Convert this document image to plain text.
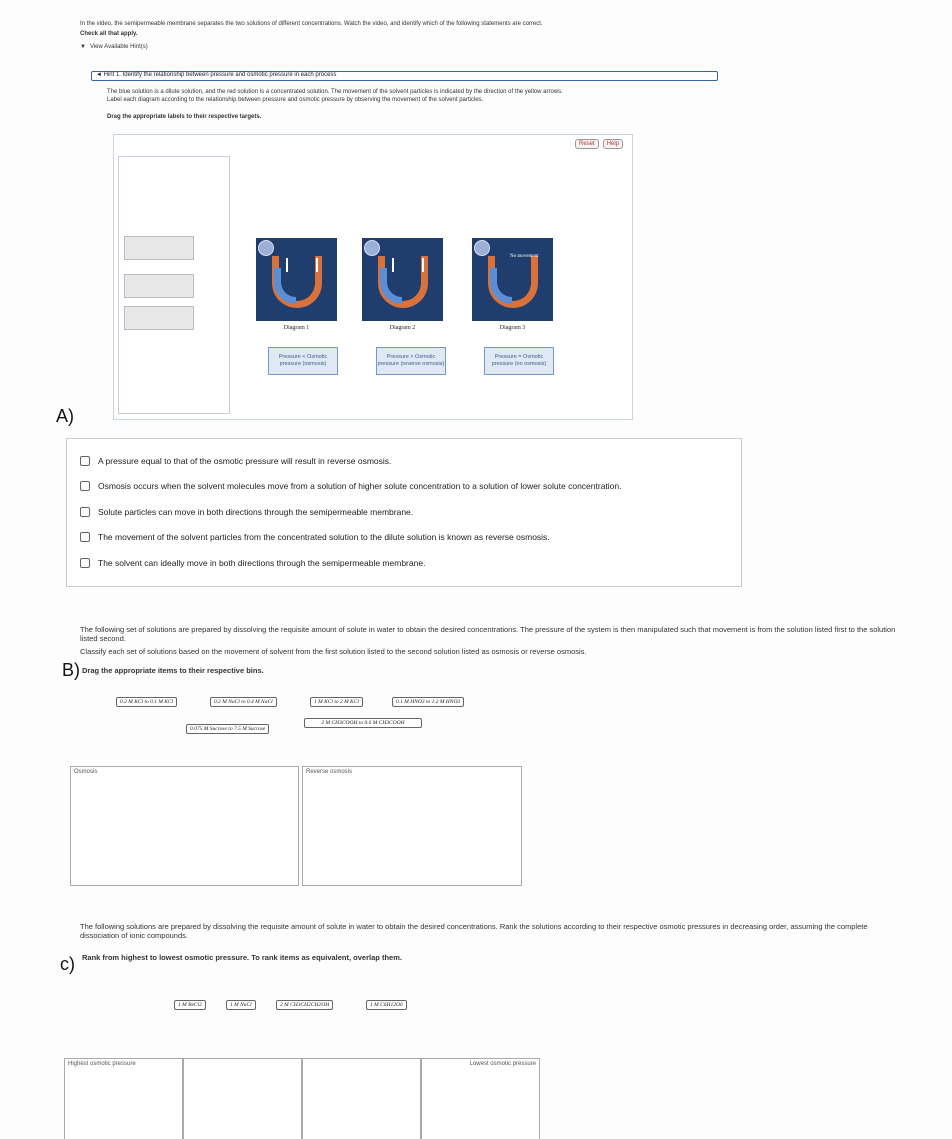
In the video, the semipermeable membrane separates the two solutions of different concentrations. Watch the video, and identify which of the following statements are correct.
Check all that apply.
▼ View Available Hint(s)
◄ Hint 1. Identify the relationship between pressure and osmotic pressure in each process
The blue solution is a dilute solution, and the red solution is a concentrated solution. The movement of the solvent particles is indicated by the direction of the yellow arrows.
Label each diagram according to the relationship between pressure and osmotic pressure by observing the movement of the solvent particles.
Drag the appropriate labels to their respective targets.
Reset	Help
Diagram 1
Pressure < Osmotic pressure (osmosis)
Diagram 2
Pressure > Osmotic pressure (reverse osmosis)
No movement
Diagram 3
Pressure = Osmotic pressure (no osmosis)
A)
A pressure equal to that of the osmotic pressure will result in reverse osmosis.
Osmosis occurs when the solvent molecules move from a solution of higher solute concentration to a solution of lower solute concentration.
Solute particles can move in both directions through the semipermeable membrane.
The movement of the solvent particles from the concentrated solution to the dilute solution is known as reverse osmosis.
The solvent can ideally move in both directions through the semipermeable membrane.
The following set of solutions are prepared by dissolving the requisite amount of solute in water to obtain the desired concentrations. The pressure of the system is then manipulated such that movement is from the solution listed first to the solution listed second.
Classify each set of solutions based on the movement of solvent from the first solution listed to the second solution listed as osmosis or reverse osmosis.
B) Drag the appropriate items to their respective bins.
0.2 M KCl to 0.1 M KCl	0.2 M NaCl to 0.4 M NaCl	1 M KCl to 2 M KCl	0.1 M HNO3 to 1.2 M HNO3
0.075 M Sucrose to 7.5 M Sucrose
2 M CH3COOH to 0.6 M CH3COOH
Osmosis	Reverse osmosis
The following solutions are prepared by dissolving the requisite amount of solute in water to obtain the desired concentrations. Rank the solutions according to their respective osmotic pressures in decreasing order, assuming the complete dissociation of ionic compounds.
c) Rank from highest to lowest osmotic pressure. To rank items as equivalent, overlap them.
1 M BeCl2	1 M NaCl	2 M CH3CH2CH2OH	1 M C6H12O6
Highest osmotic pressure	Lowest osmotic pressure
